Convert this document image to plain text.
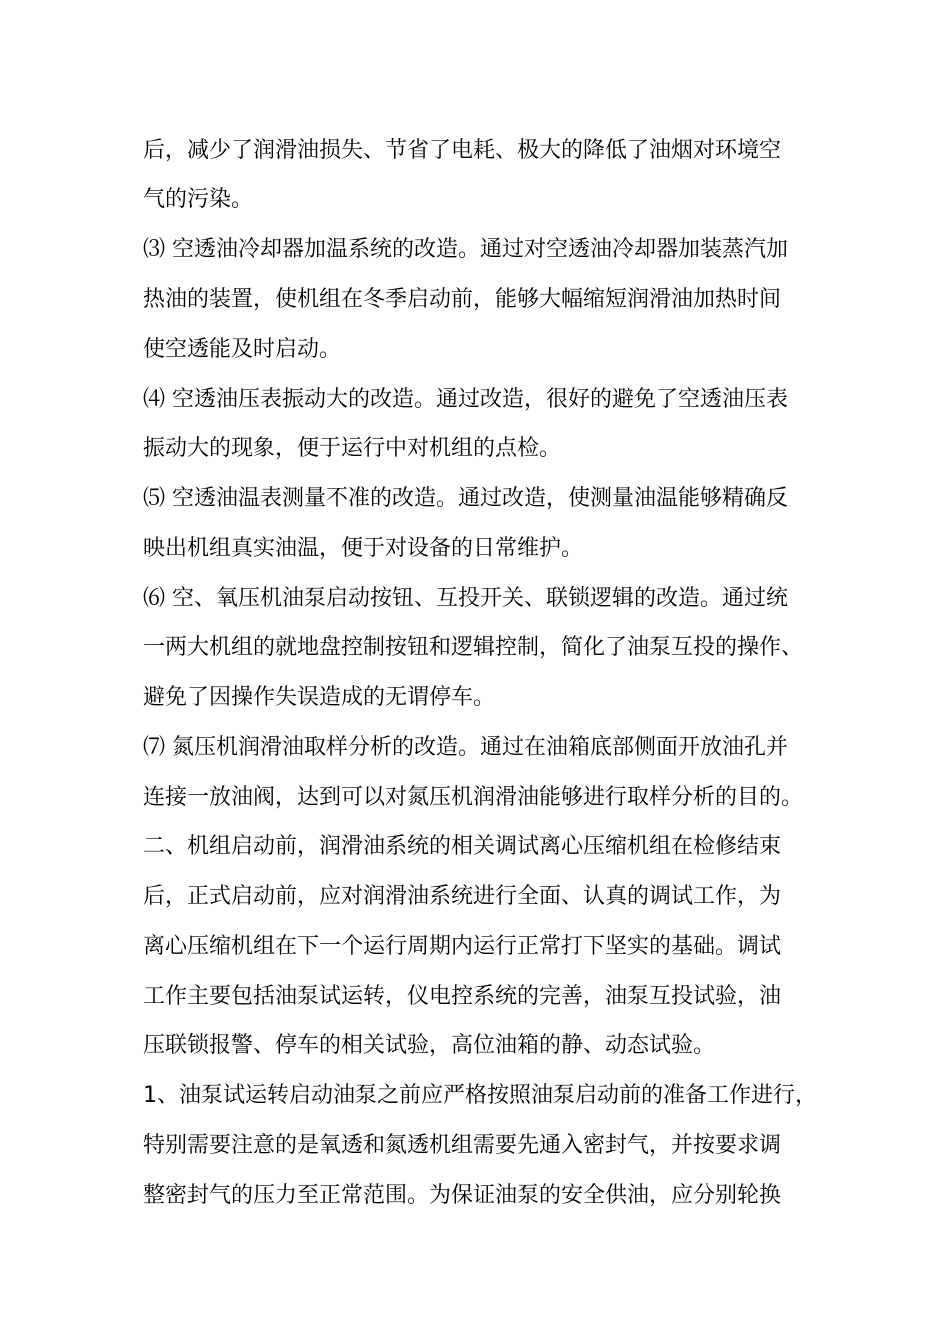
后，减少了润滑油损失、节省了电耗、极大的降低了油烟对环境空
气的污染。
⑶ 空透油冷却器加温系统的改造。通过对空透油冷却器加装蒸汽加
热油的装置，使机组在冬季启动前，能够大幅缩短润滑油加热时间
使空透能及时启动。
⑷ 空透油压表振动大的改造。通过改造，很好的避免了空透油压表
振动大的现象，便于运行中对机组的点检。
⑸ 空透油温表测量不准的改造。通过改造，使测量油温能够精确反
映出机组真实油温，便于对设备的日常维护。
⑹ 空、氧压机油泵启动按钮、互投开关、联锁逻辑的改造。通过统
一两大机组的就地盘控制按钮和逻辑控制，简化了油泵互投的操作、
避免了因操作失误造成的无谓停车。
⑺ 氮压机润滑油取样分析的改造。通过在油箱底部侧面开放油孔并
连接一放油阀，达到可以对氮压机润滑油能够进行取样分析的目的。
二、机组启动前，润滑油系统的相关调试离心压缩机组在检修结束
后，正式启动前，应对润滑油系统进行全面、认真的调试工作，为
离心压缩机组在下一个运行周期内运行正常打下坚实的基础。调试
工作主要包括油泵试运转，仪电控系统的完善，油泵互投试验，油
压联锁报警、停车的相关试验，高位油箱的静、动态试验。
1、油泵试运转启动油泵之前应严格按照油泵启动前的准备工作进行，
特别需要注意的是氧透和氮透机组需要先通入密封气，并按要求调
整密封气的压力至正常范围。为保证油泵的安全供油，应分别轮换
